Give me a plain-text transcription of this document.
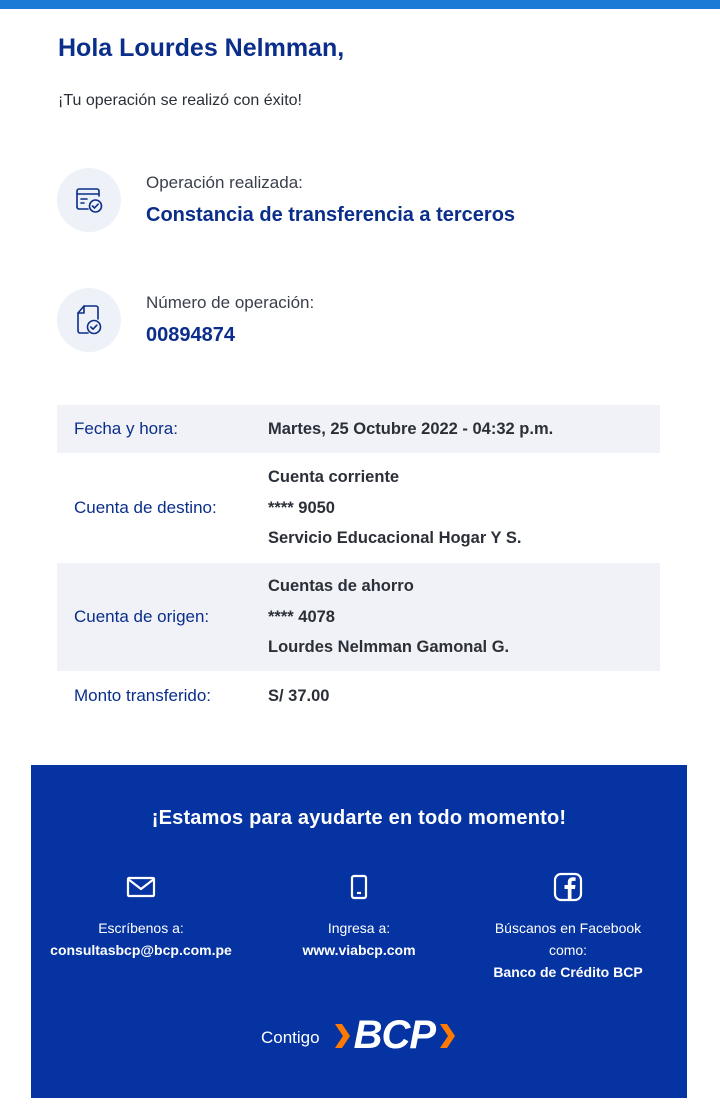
Hola Lourdes Nelmman,
¡Tu operación se realizó con éxito!
Operación realizada:
Constancia de transferencia a terceros
Número de operación:
00894874
Fecha y hora:	Martes, 25 Octubre 2022 - 04:32 p.m.
Cuenta de destino:	Cuenta corriente
**** 9050
Servicio Educacional Hogar Y S.

Cuenta de origen:	Cuentas de ahorro
**** 4078
Lourdes Nelmman Gamonal G.

Monto transferido:	S/ 37.00
¡Estamos para ayudarte en todo momento!
Escríbenos a:
consultasbcp@bcp.com.pe
Ingresa a:
www.viabcp.com
Búscanos en Facebook como:
Banco de Crédito BCP
Contigo BCP
